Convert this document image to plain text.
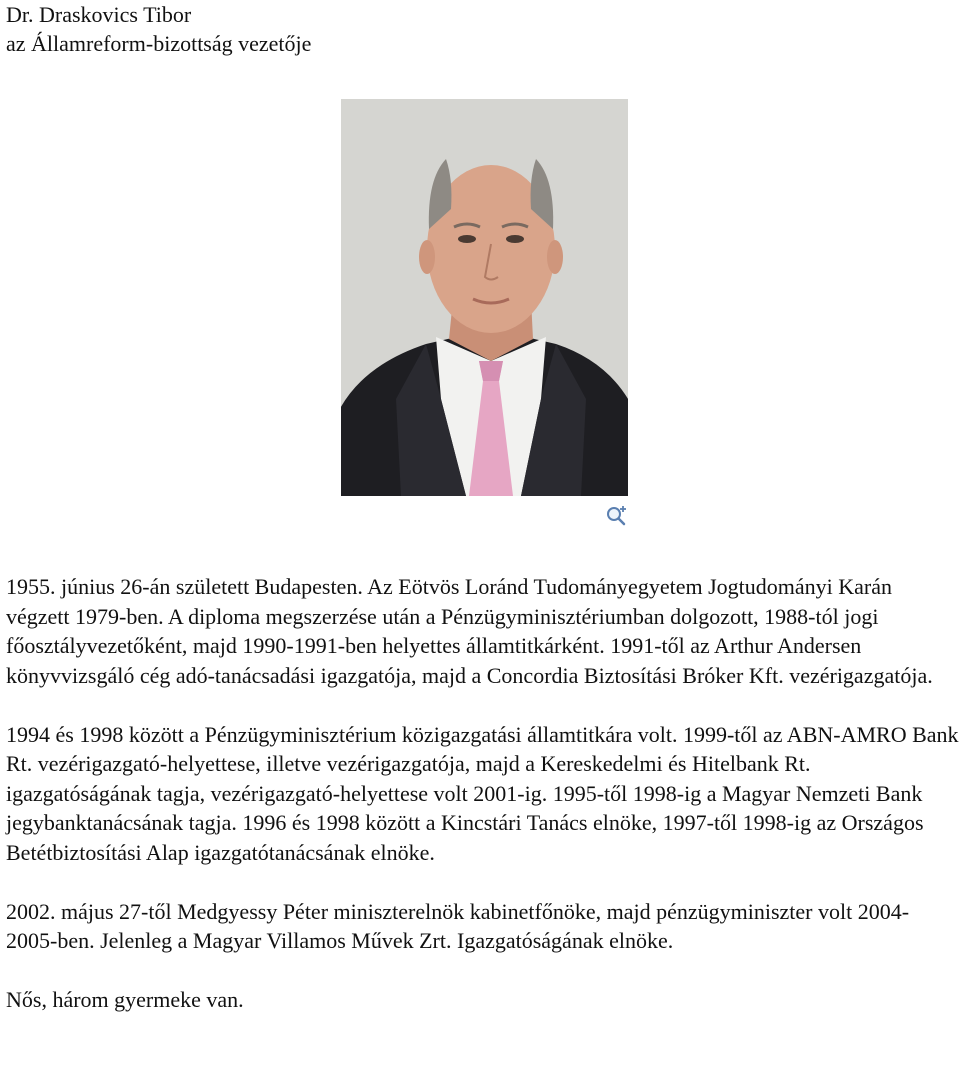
Dr. Draskovics Tibor
az Államreform-bizottság vezetője

1955. június 26-án született Budapesten. Az Eötvös Loránd Tudományegyetem Jogtudományi Karán végzett 1979-ben. A diploma megszerzése után a Pénzügyminisztériumban dolgozott, 1988-tól jogi főosztályvezetőként, majd 1990-1991-ben helyettes államtitkárként. 1991-től az Arthur Andersen könyvvizsgáló cég adó-tanácsadási igazgatója, majd a Concordia Biztosítási Bróker Kft. vezérigazgatója.

1994 és 1998 között a Pénzügyminisztérium közigazgatási államtitkára volt. 1999-től az ABN-AMRO Bank Rt. vezérigazgató-helyettese, illetve vezérigazgatója, majd a Kereskedelmi és Hitelbank Rt. igazgatóságának tagja, vezérigazgató-helyettese volt 2001-ig. 1995-től 1998-ig a Magyar Nemzeti Bank jegybanktanácsának tagja. 1996 és 1998 között a Kincstári Tanács elnöke, 1997-től 1998-ig az Országos Betétbiztosítási Alap igazgatótanácsának elnöke.

2002. május 27-től Medgyessy Péter miniszterelnök kabinetfőnöke, majd pénzügyminiszter volt 2004-2005-ben. Jelenleg a Magyar Villamos Művek Zrt. Igazgatóságának elnöke.

Nős, három gyermeke van.
